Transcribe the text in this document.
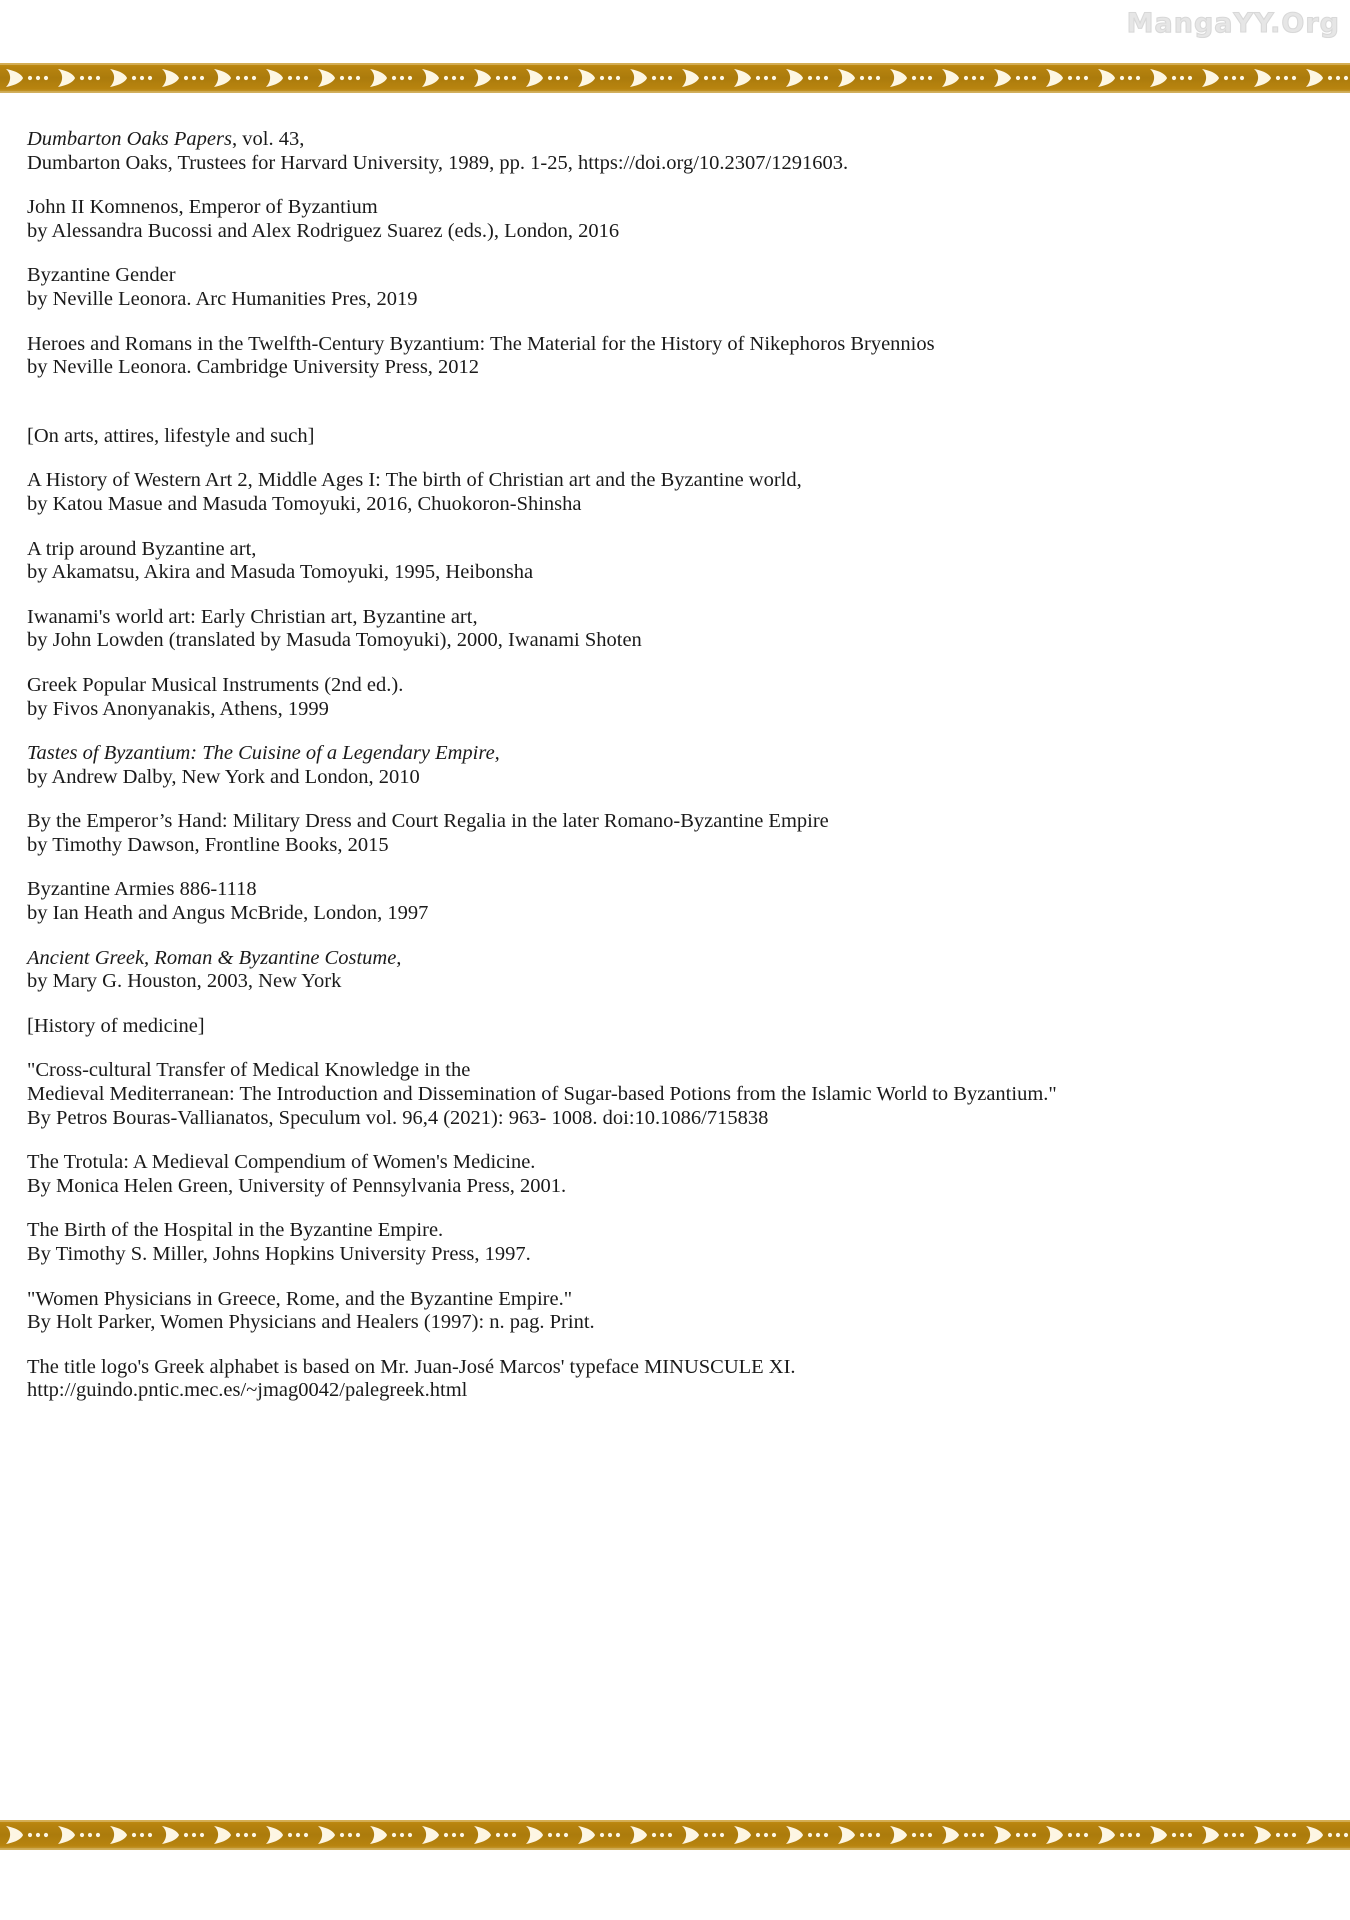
MangaYY.Org
Dumbarton Oaks Papers, vol. 43,
Dumbarton Oaks, Trustees for Harvard University, 1989, pp. 1-25, https://doi.org/10.2307/1291603.
John II Komnenos, Emperor of Byzantium
by Alessandra Bucossi and Alex Rodriguez Suarez (eds.), London, 2016
Byzantine Gender
by Neville Leonora. Arc Humanities Pres, 2019
Heroes and Romans in the Twelfth-Century Byzantium: The Material for the History of Nikephoros Bryennios
by Neville Leonora. Cambridge University Press, 2012
[On arts, attires, lifestyle and such]
A History of Western Art 2, Middle Ages I: The birth of Christian art and the Byzantine world,
by Katou Masue and Masuda Tomoyuki, 2016, Chuokoron-Shinsha
A trip around Byzantine art,
by Akamatsu, Akira and Masuda Tomoyuki, 1995, Heibonsha
Iwanami's world art: Early Christian art, Byzantine art,
by John Lowden (translated by Masuda Tomoyuki), 2000, Iwanami Shoten
Greek Popular Musical Instruments (2nd ed.).
by Fivos Anonyanakis, Athens, 1999
Tastes of Byzantium: The Cuisine of a Legendary Empire,
by Andrew Dalby, New York and London, 2010
By the Emperor’s Hand: Military Dress and Court Regalia in the later Romano-Byzantine Empire
by Timothy Dawson, Frontline Books, 2015
Byzantine Armies 886-1118
by Ian Heath and Angus McBride, London, 1997
Ancient Greek, Roman & Byzantine Costume,
by Mary G. Houston, 2003, New York
[History of medicine]
"Cross-cultural Transfer of Medical Knowledge in the
Medieval Mediterranean: The Introduction and Dissemination of Sugar-based Potions from the Islamic World to Byzantium."
By Petros Bouras-Vallianatos, Speculum vol. 96,4 (2021): 963- 1008. doi:10.1086/715838
The Trotula: A Medieval Compendium of Women's Medicine.
By Monica Helen Green, University of Pennsylvania Press, 2001.
The Birth of the Hospital in the Byzantine Empire.
By Timothy S. Miller, Johns Hopkins University Press, 1997.
"Women Physicians in Greece, Rome, and the Byzantine Empire."
By Holt Parker, Women Physicians and Healers (1997): n. pag. Print.
The title logo's Greek alphabet is based on Mr. Juan-José Marcos' typeface MINUSCULE XI.
http://guindo.pntic.mec.es/~jmag0042/palegreek.html
